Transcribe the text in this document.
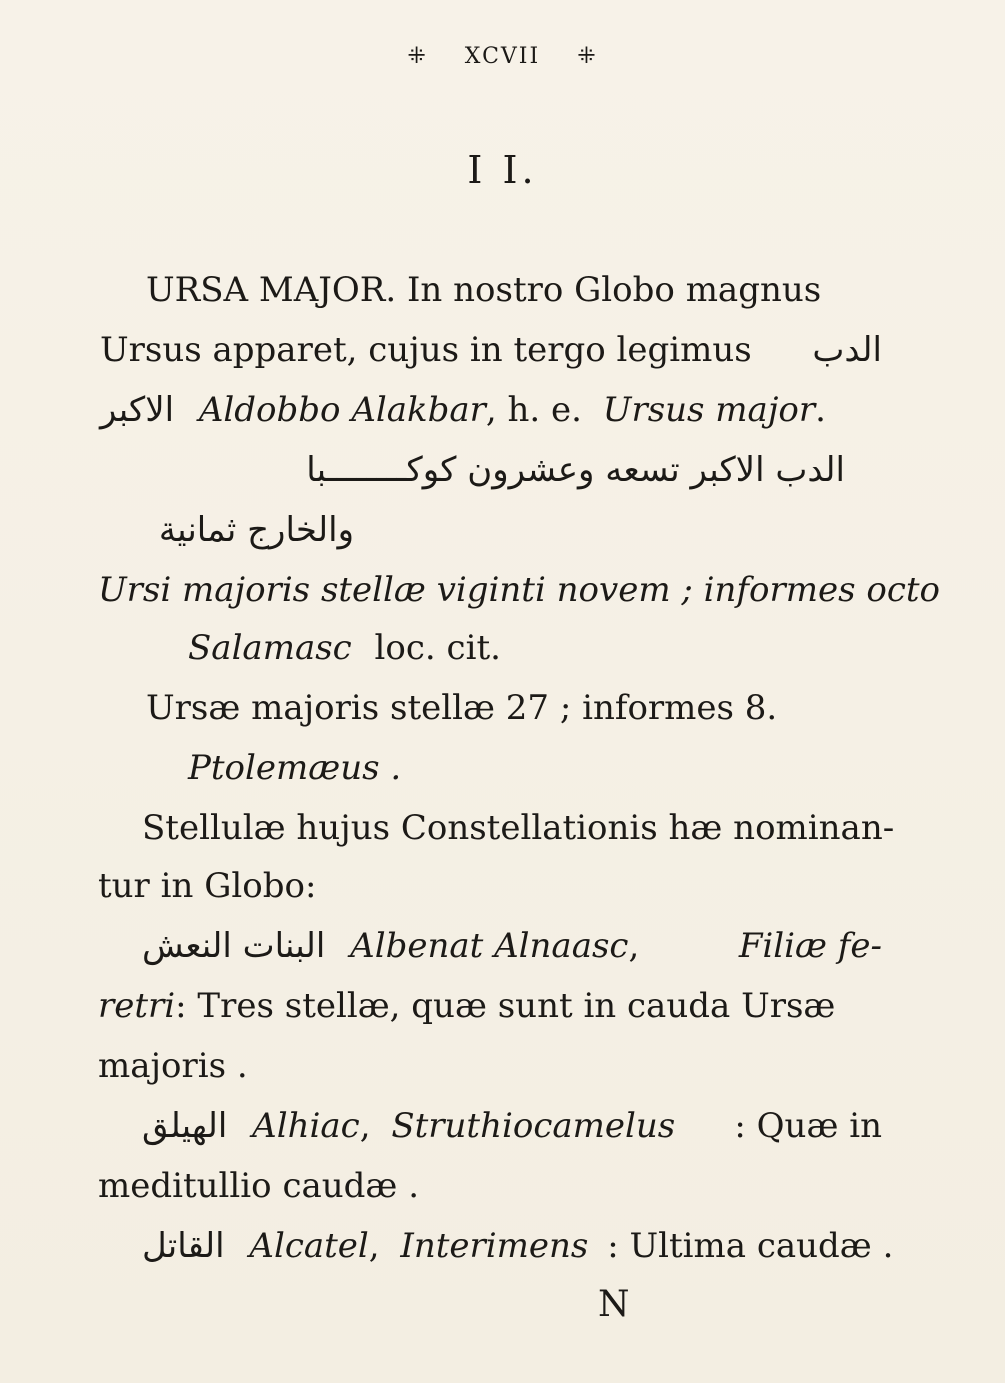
⁜ XCVII ⁜
I I.
URSA MAJOR. In nostro Globo magnus
Ursus apparet, cujus in tergo legimus الدب
الاكبر Aldobbo Alakbar, h. e. Ursus major.
الدب الاكبر تسعه وعشرون كوكــــــــبا
والخارج ثمانية
Ursi majoris stellæ viginti novem ; informes octo
Salamasc loc. cit.
Ursæ majoris stellæ 27 ; informes 8.
Ptolemæus .
Stellulæ hujus Constellationis hæ nominan-
tur in Globo:
البنات النعش Albenat Alnaasc,	Filiæ fe-
retri: Tres stellæ, quæ sunt in cauda Ursæ
majoris .
الهيلق Alhiac, Struthiocamelus : Quæ in
meditullio caudæ .
القاتل Alcatel, Interimens : Ultima caudæ .
N
